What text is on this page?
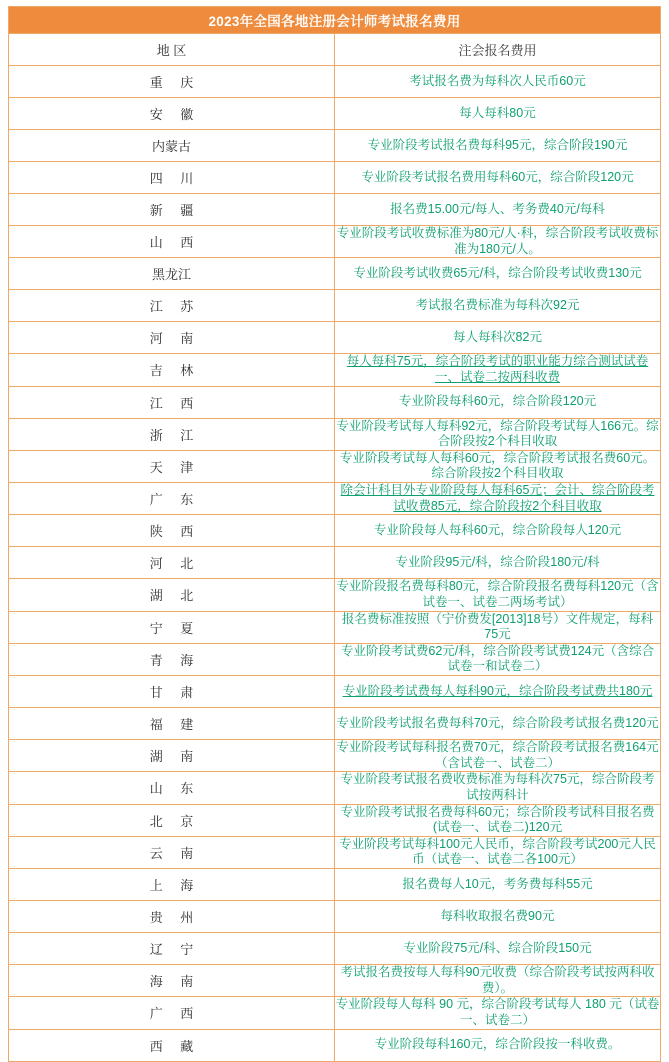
2023年全国各地注册会计师考试报名费用	
地 区	注会报名费用
重 庆	考试报名费为每科次人民币60元
安 徽	每人每科80元
内蒙古	专业阶段考试报名费每科95元，综合阶段190元
四 川	专业阶段考试报名费用每科60元，综合阶段120元
新 疆	报名费15.00元/每人、考务费40元/每科
山 西	专业阶段考试收费标准为80元/人·科，综合阶段考试收费标准为180元/人。
黑龙江	专业阶段考试收费65元/科，综合阶段考试收费130元
江 苏	考试报名费标准为每科次92元
河 南	每人每科次82元
吉 林	每人每科75元，综合阶段考试的职业能力综合测试试卷一、试卷二按两科收费
江 西	专业阶段每科60元，综合阶段120元
浙 江	专业阶段考试每人每科92元，综合阶段考试每人166元。综合阶段按2个科目收取
天 津	专业阶段考试每人每科60元，综合阶段考试报名费60元。综合阶段按2个科目收取
广 东	除会计科目外专业阶段每人每科65元；会计、综合阶段考试收费85元，综合阶段按2个科目收取
陕 西	专业阶段每人每科60元，综合阶段每人120元
河 北	专业阶段95元/科，综合阶段180元/科
湖 北	专业阶段报名费每科80元，综合阶段报名费每科120元（含试卷一、试卷二两场考试）
宁 夏	报名费标准按照（宁价费发[2013]18号）文件规定，每科75元
青 海	专业阶段考试费62元/科，综合阶段考试费124元（含综合试卷一和试卷二）
甘 肃	专业阶段考试费每人每科90元，综合阶段考试费共180元
福 建	专业阶段考试报名费每科70元，综合阶段考试报名费120元
湖 南	专业阶段考试每科报名费70元，综合阶段考试报名费164元（含试卷一、试卷二）
山 东	专业阶段考试报名费收费标准为每科次75元，综合阶段考试按两科计
北 京	专业阶段考试报名费每科60元；综合阶段考试科目报名费(试卷一、试卷二)120元
云 南	专业阶段考试每科100元人民币，综合阶段考试200元人民币（试卷一、试卷二各100元）
上 海	报名费每人10元，考务费每科55元
贵 州	每科收取报名费90元
辽 宁	专业阶段75元/科、综合阶段150元
海 南	考试报名费按每人每科90元收费（综合阶段考试按两科收费）。
广 西	专业阶段每人每科 90 元，综合阶段考试每人 180 元（试卷一、试卷二）
西 藏	专业阶段每科160元，综合阶段按一科收费。
